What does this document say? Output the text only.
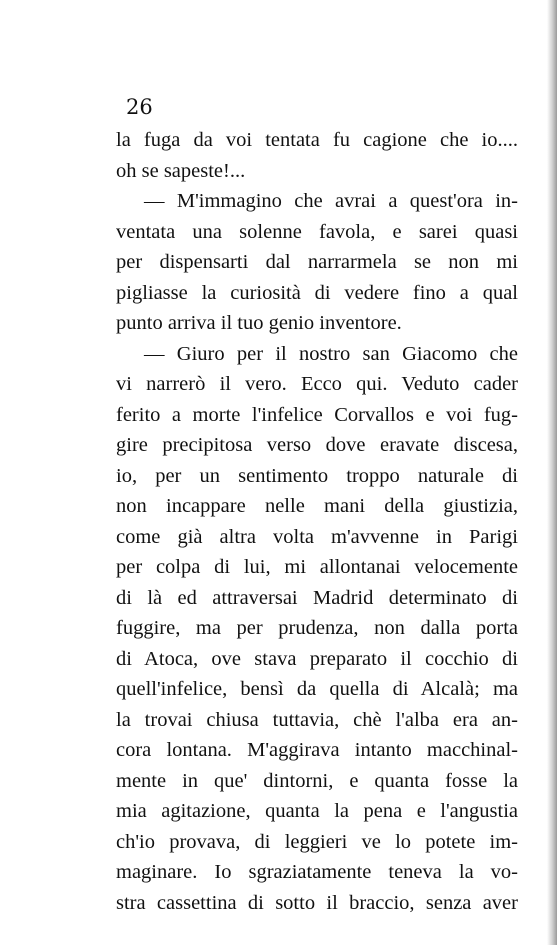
26

la fuga da voi tentata fu cagione che io....
oh se sapeste!...
— M'immagino che avrai a quest'ora in-
ventata una solenne favola, e sarei quasi
per dispensarti dal narrarmela se non mi
pigliasse la curiosità di vedere fino a qual
punto arriva il tuo genio inventore.
— Giuro per il nostro san Giacomo che
vi narrerò il vero. Ecco qui. Veduto cader
ferito a morte l'infelice Corvallos e voi fug-
gire precipitosa verso dove eravate discesa,
io, per un sentimento troppo naturale di
non incappare nelle mani della giustizia,
come già altra volta m'avvenne in Parigi
per colpa di lui, mi allontanai velocemente
di là ed attraversai Madrid determinato di
fuggire, ma per prudenza, non dalla porta
di Atoca, ove stava preparato il cocchio di
quell'infelice, bensì da quella di Alcalà; ma
la trovai chiusa tuttavia, chè l'alba era an-
cora lontana. M'aggirava intanto macchinal-
mente in que' dintorni, e quanta fosse la
mia agitazione, quanta la pena e l'angustia
ch'io provava, di leggieri ve lo potete im-
maginare. Io sgraziatamente teneva la vo-
stra cassettina di sotto il braccio, senza aver
